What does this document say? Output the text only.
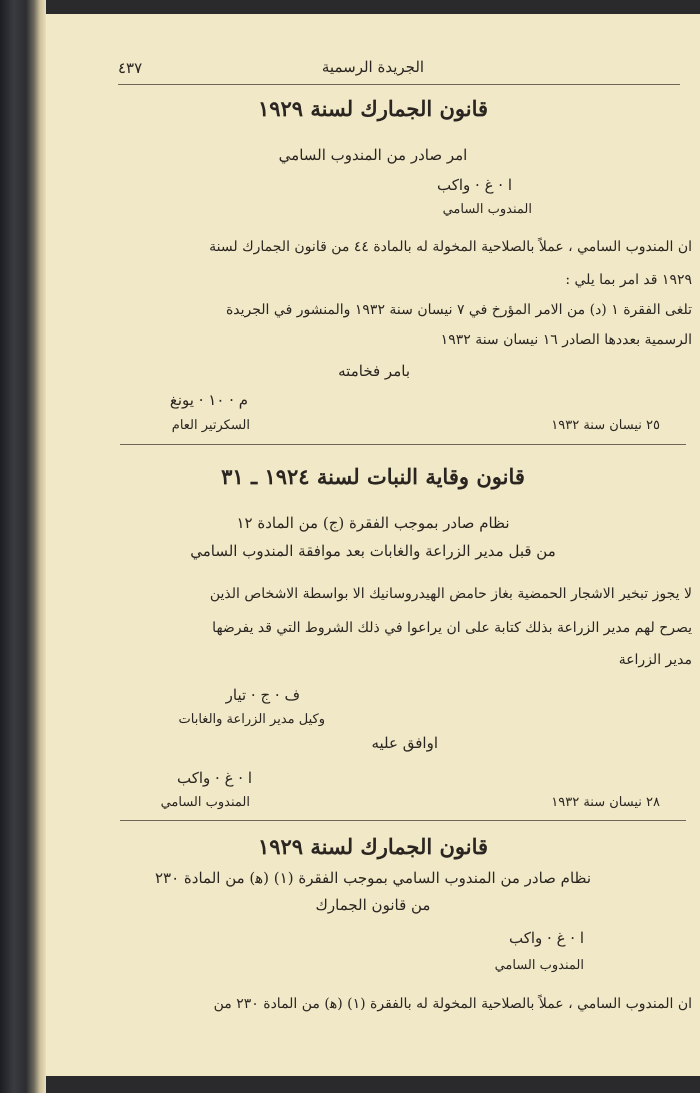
٤٣٧	الجريدة الرسمية
قانون الجمارك لسنة ١٩٢٩
امر صادر من المندوب السامي
ا · غ · واكب
المندوب السامي
ان المندوب السامي ، عملاً بالصلاحية المخولة له بالمادة ٤٤ من قانون الجمارك لسنة
١٩٢٩ قد امر بما يلي :
تلغى الفقرة ١ (د) من الامر المؤرخ في ٧ نيسان سنة ١٩٣٢ والمنشور في الجريدة
الرسمية بعددها الصادر ١٦ نيسان سنة ١٩٣٢
بامر فخامته
م · ١٠ · يونغ
السكرتير العام	٢٥ نيسان سنة ١٩٣٢
قانون وقاية النبات لسنة ١٩٢٤ ـ ٣١
نظام صادر بموجب الفقرة (ج) من المادة ١٢
من قبل مدير الزراعة والغابات بعد موافقة المندوب السامي
لا يجوز تبخير الاشجار الحمضية بغاز حامض الهيدروسانيك الا بواسطة الاشخاص الذين
يصرح لهم مدير الزراعة بذلك كتابة على ان يراعوا في ذلك الشروط التي قد يفرضها
مدير الزراعة
ف · ج · تيار
وكيل مدير الزراعة والغابات
اوافق عليه
ا · غ · واكب
المندوب السامي	٢٨ نيسان سنة ١٩٣٢
قانون الجمارك لسنة ١٩٢٩
نظام صادر من المندوب السامي بموجب الفقرة (١) (ﻫ) من المادة ٢٣٠
من قانون الجمارك
ا · غ · واكب
المندوب السامي
ان المندوب السامي ، عملاً بالصلاحية المخولة له بالفقرة (١) (ﻫ) من المادة ٢٣٠ من
